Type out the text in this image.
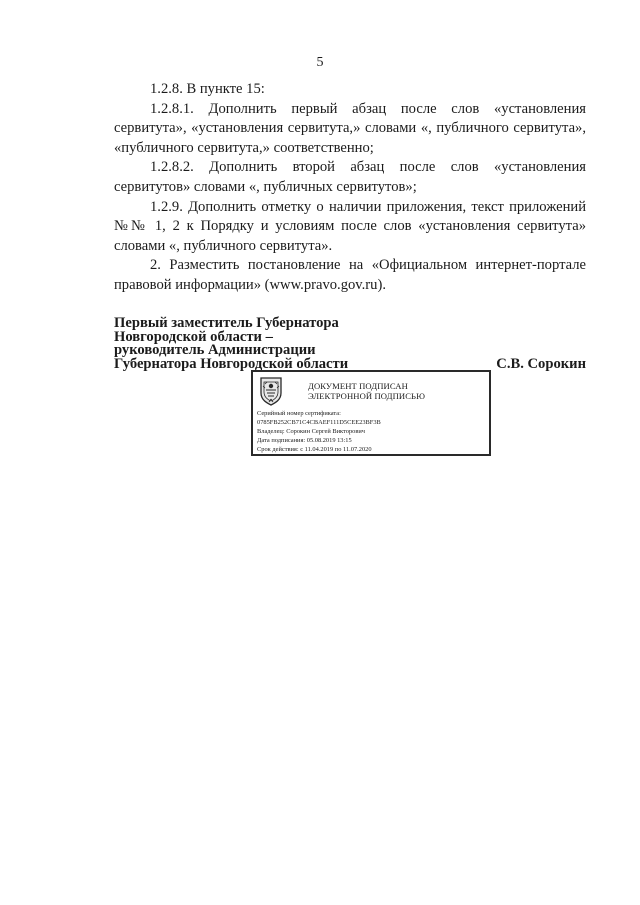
5

1.2.8. В пункте 15:

1.2.8.1. Дополнить первый абзац после слов «установления сервитута», «установления сервитута,» словами «, публичного сервитута», «публичного сервитута,» соответственно;

1.2.8.2. Дополнить второй абзац после слов «установления сервитутов» словами «, публичных сервитутов»;

1.2.9. Дополнить отметку о наличии приложения, текст приложений №№ 1, 2 к Порядку и условиям после слов «установления сервитута» словами «, публичного сервитута».

2. Разместить постановление на «Официальном интернет-портале правовой информации» (www.pravo.gov.ru).

Первый заместитель Губернатора
Новгородской области –
руководитель Администрации
Губернатора Новгородской области	С.В. Сорокин
ДОКУМЕНТ ПОДПИСАН
ЭЛЕКТРОННОЙ ПОДПИСЬЮ
Серийный номер сертификата:
0785FB252CB71C4CBAEF111D5CEE23BF3B
Владелец: Сорокин Сергей Викторович
Дата подписания: 05.08.2019 13:15
Срок действия: с 11.04.2019 по 11.07.2020
